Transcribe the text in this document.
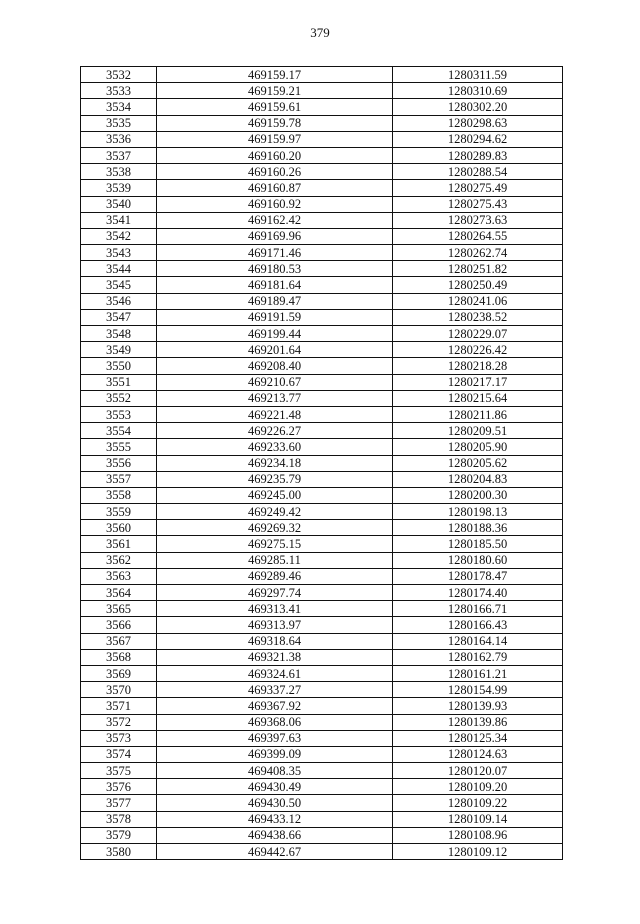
379
3532	469159.17	1280311.59
3533	469159.21	1280310.69
3534	469159.61	1280302.20
3535	469159.78	1280298.63
3536	469159.97	1280294.62
3537	469160.20	1280289.83
3538	469160.26	1280288.54
3539	469160.87	1280275.49
3540	469160.92	1280275.43
3541	469162.42	1280273.63
3542	469169.96	1280264.55
3543	469171.46	1280262.74
3544	469180.53	1280251.82
3545	469181.64	1280250.49
3546	469189.47	1280241.06
3547	469191.59	1280238.52
3548	469199.44	1280229.07
3549	469201.64	1280226.42
3550	469208.40	1280218.28
3551	469210.67	1280217.17
3552	469213.77	1280215.64
3553	469221.48	1280211.86
3554	469226.27	1280209.51
3555	469233.60	1280205.90
3556	469234.18	1280205.62
3557	469235.79	1280204.83
3558	469245.00	1280200.30
3559	469249.42	1280198.13
3560	469269.32	1280188.36
3561	469275.15	1280185.50
3562	469285.11	1280180.60
3563	469289.46	1280178.47
3564	469297.74	1280174.40
3565	469313.41	1280166.71
3566	469313.97	1280166.43
3567	469318.64	1280164.14
3568	469321.38	1280162.79
3569	469324.61	1280161.21
3570	469337.27	1280154.99
3571	469367.92	1280139.93
3572	469368.06	1280139.86
3573	469397.63	1280125.34
3574	469399.09	1280124.63
3575	469408.35	1280120.07
3576	469430.49	1280109.20
3577	469430.50	1280109.22
3578	469433.12	1280109.14
3579	469438.66	1280108.96
3580	469442.67	1280109.12
